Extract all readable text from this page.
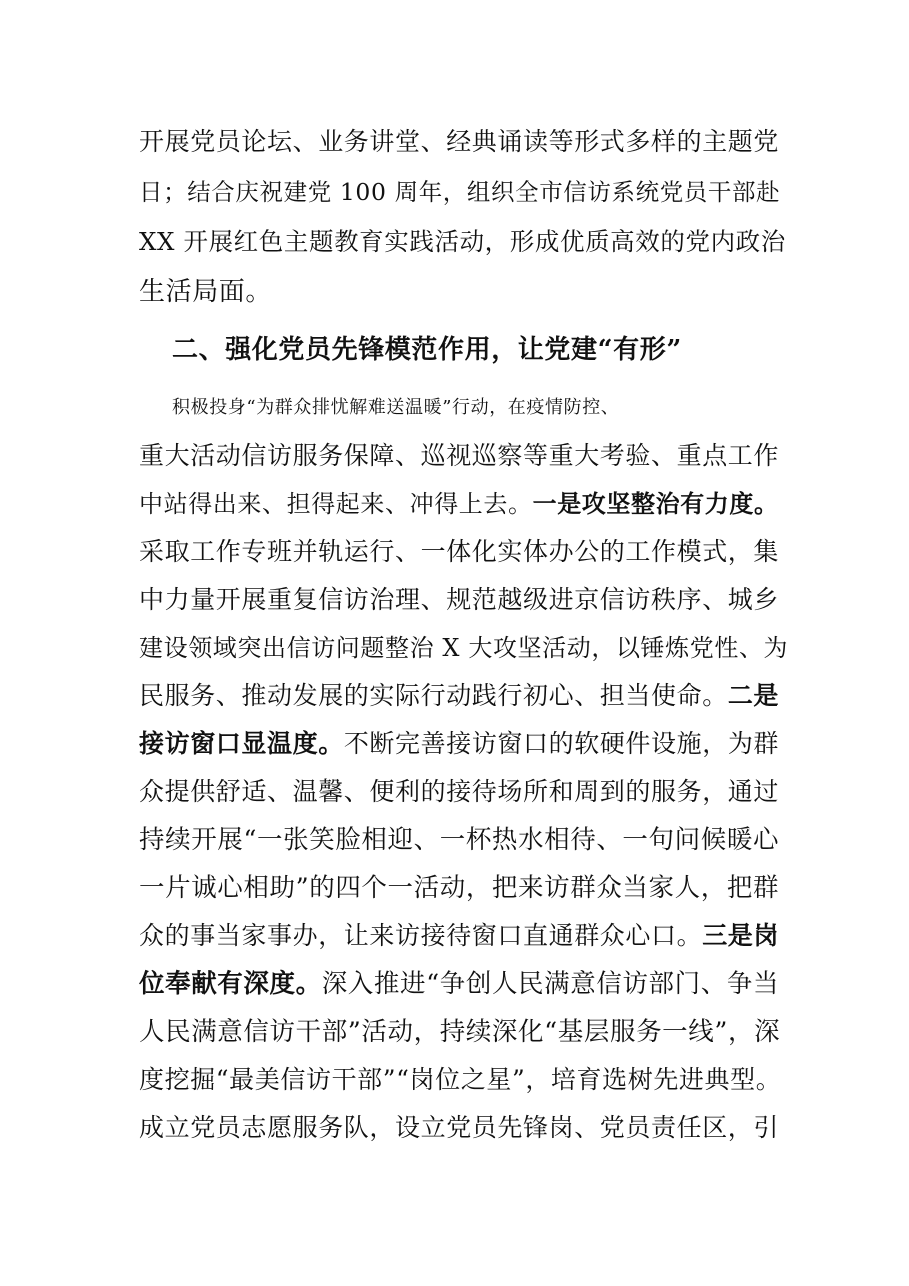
开展党员论坛、业务讲堂、经典诵读等形式多样的主题党
日；结合庆祝建党 100 周年，组织全市信访系统党员干部赴
XX 开展红色主题教育实践活动，形成优质高效的党内政治
生活局面。
二、强化党员先锋模范作用，让党建“有形”
积极投身“为群众排忧解难送温暖”行动，在疫情防控、
重大活动信访服务保障、巡视巡察等重大考验、重点工作
中站得出来、担得起来、冲得上去。一是攻坚整治有力度。
采取工作专班并轨运行、一体化实体办公的工作模式，集
中力量开展重复信访治理、规范越级进京信访秩序、城乡
建设领域突出信访问题整治 X 大攻坚活动，以锤炼党性、为
民服务、推动发展的实际行动践行初心、担当使命。二是
接访窗口显温度。不断完善接访窗口的软硬件设施，为群
众提供舒适、温馨、便利的接待场所和周到的服务，通过
持续开展“一张笑脸相迎、一杯热水相待、一句问候暖心
一片诚心相助”的四个一活动，把来访群众当家人，把群
众的事当家事办，让来访接待窗口直通群众心口。三是岗
位奉献有深度。深入推进“争创人民满意信访部门、争当
人民满意信访干部”活动，持续深化“基层服务一线”，深
度挖掘“最美信访干部”“岗位之星”，培育选树先进典型。
成立党员志愿服务队，设立党员先锋岗、党员责任区，引
